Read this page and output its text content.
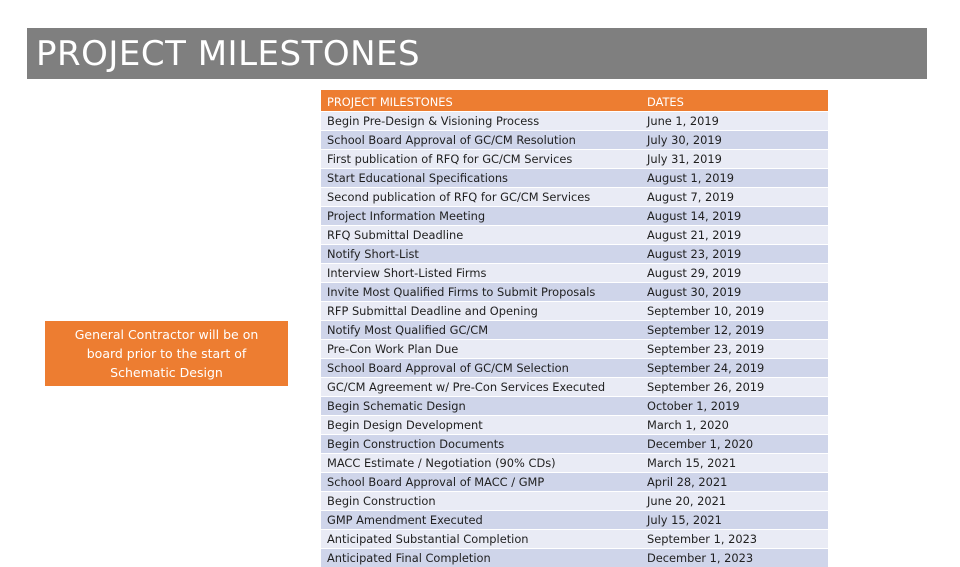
PROJECT MILESTONES
General Contractor will be on board prior to the start of Schematic Design
PROJECT MILESTONES	DATES
Begin Pre-Design & Visioning Process	June 1, 2019
School Board Approval of GC/CM Resolution	July 30, 2019
First publication of RFQ for GC/CM Services	July 31, 2019
Start Educational Specifications	August 1, 2019
Second publication of RFQ for GC/CM Services	August 7, 2019
Project Information Meeting	August 14, 2019
RFQ Submittal Deadline	August 21, 2019
Notify Short-List	August 23, 2019
Interview Short-Listed Firms	August 29, 2019
Invite Most Qualified Firms to Submit Proposals	August 30, 2019
RFP Submittal Deadline and Opening	September 10, 2019
Notify Most Qualified GC/CM	September 12, 2019
Pre-Con Work Plan Due	September 23, 2019
School Board Approval of GC/CM Selection	September 24, 2019
GC/CM Agreement w/ Pre-Con Services Executed	September 26, 2019
Begin Schematic Design	October 1, 2019
Begin Design Development	March 1, 2020
Begin Construction Documents	December 1, 2020
MACC Estimate / Negotiation (90% CDs)	March 15, 2021
School Board Approval of MACC / GMP	April 28, 2021
Begin Construction	June 20, 2021
GMP Amendment Executed	July 15, 2021
Anticipated Substantial Completion	September 1, 2023
Anticipated Final Completion	December 1, 2023
